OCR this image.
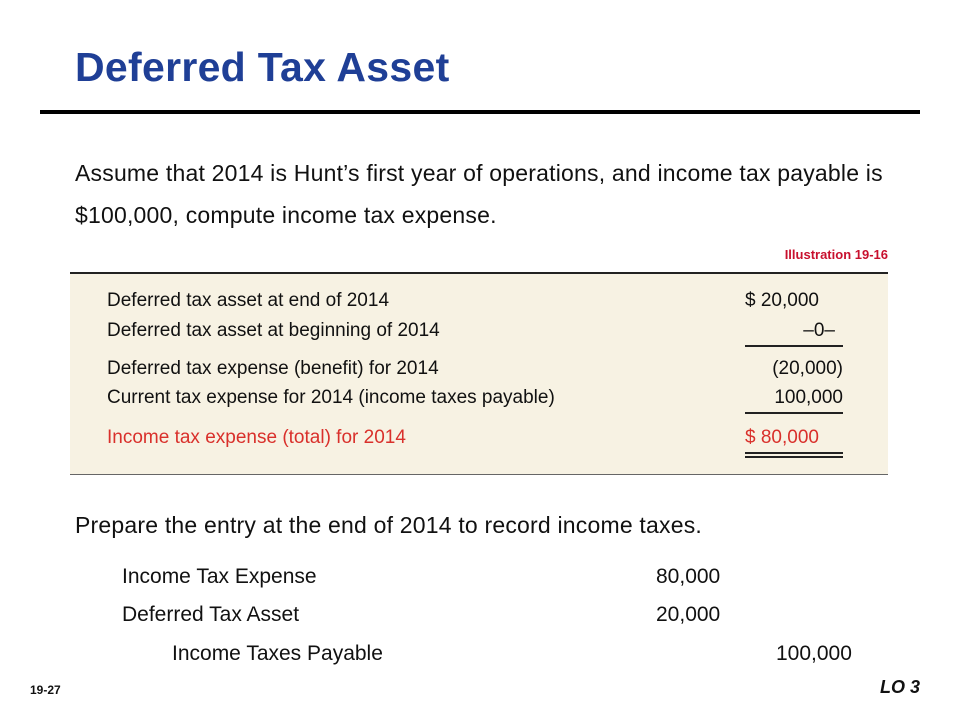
Deferred Tax Asset
Assume that 2014 is Hunt’s first year of operations, and income tax payable is $100,000, compute income tax expense.
Illustration 19-16
Deferred tax asset at end of 2014	$ 20,000
Deferred tax asset at beginning of 2014	–0–
Deferred tax expense (benefit) for 2014	(20,000)
Current tax expense for 2014 (income taxes payable)	100,000
Income tax expense (total) for 2014	$ 80,000
Prepare the entry at the end of 2014 to record income taxes.
Income Tax Expense	80,000
Deferred Tax Asset	20,000
Income Taxes Payable	100,000
19-27	LO 3
